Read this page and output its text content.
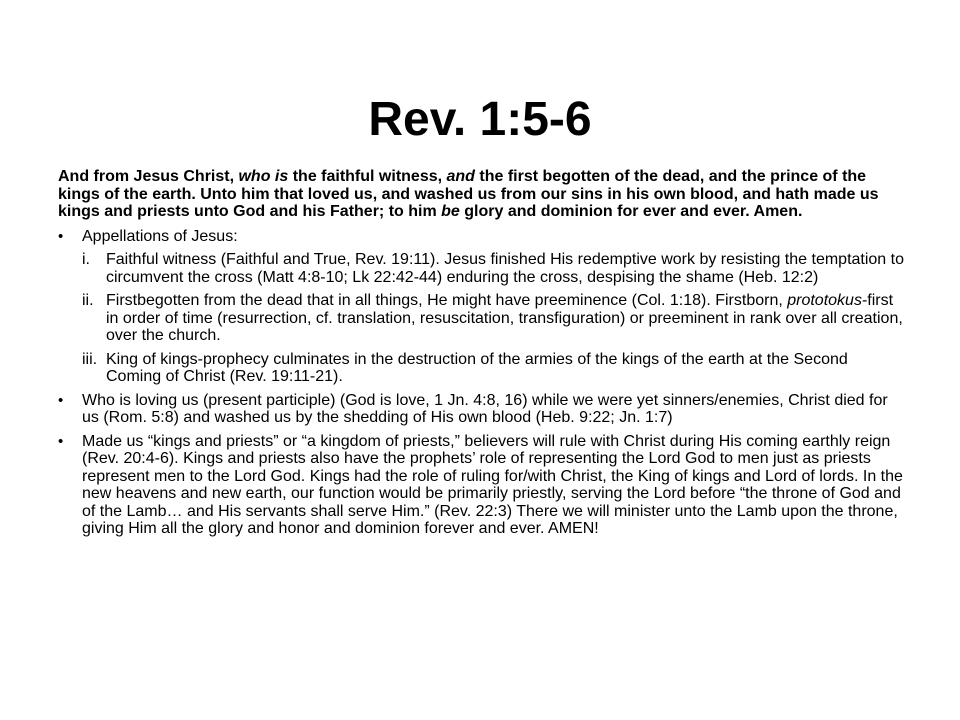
Rev. 1:5-6

And from Jesus Christ, who is the faithful witness, and the first begotten of the dead, and the prince of the kings of the earth. Unto him that loved us, and washed us from our sins in his own blood, and hath made us kings and priests unto God and his Father; to him be glory and dominion for ever and ever. Amen.

•	Appellations of Jesus:
i.	Faithful witness (Faithful and True, Rev. 19:11). Jesus finished His redemptive work by resisting the temptation to circumvent the cross (Matt 4:8-10; Lk 22:42-44) enduring the cross, despising the shame (Heb. 12:2)
ii. Firstbegotten from the dead that in all things, He might have preeminence (Col. 1:18). Firstborn, prototokus-first in order of time (resurrection, cf. translation, resuscitation, transfiguration) or preeminent in rank over all creation, over the church.
iii. King of kings-prophecy culminates in the destruction of the armies of the kings of the earth at the Second Coming of Christ (Rev. 19:11-21).
•	Who is loving us (present participle) (God is love, 1 Jn. 4:8, 16) while we were yet sinners/enemies, Christ died for us (Rom. 5:8) and washed us by the shedding of His own blood (Heb. 9:22; Jn. 1:7)
•	Made us “kings and priests” or “a kingdom of priests,” believers will rule with Christ during His coming earthly reign (Rev. 20:4-6). Kings and priests also have the prophets’ role of representing the Lord God to men just as priests represent men to the Lord God. Kings had the role of ruling for/with Christ, the King of kings and Lord of lords. In the new heavens and new earth, our function would be primarily priestly, serving the Lord before “the throne of God and of the Lamb… and His servants shall serve Him.” (Rev. 22:3) There we will minister unto the Lamb upon the throne, giving Him all the glory and honor and dominion forever and ever. AMEN!
